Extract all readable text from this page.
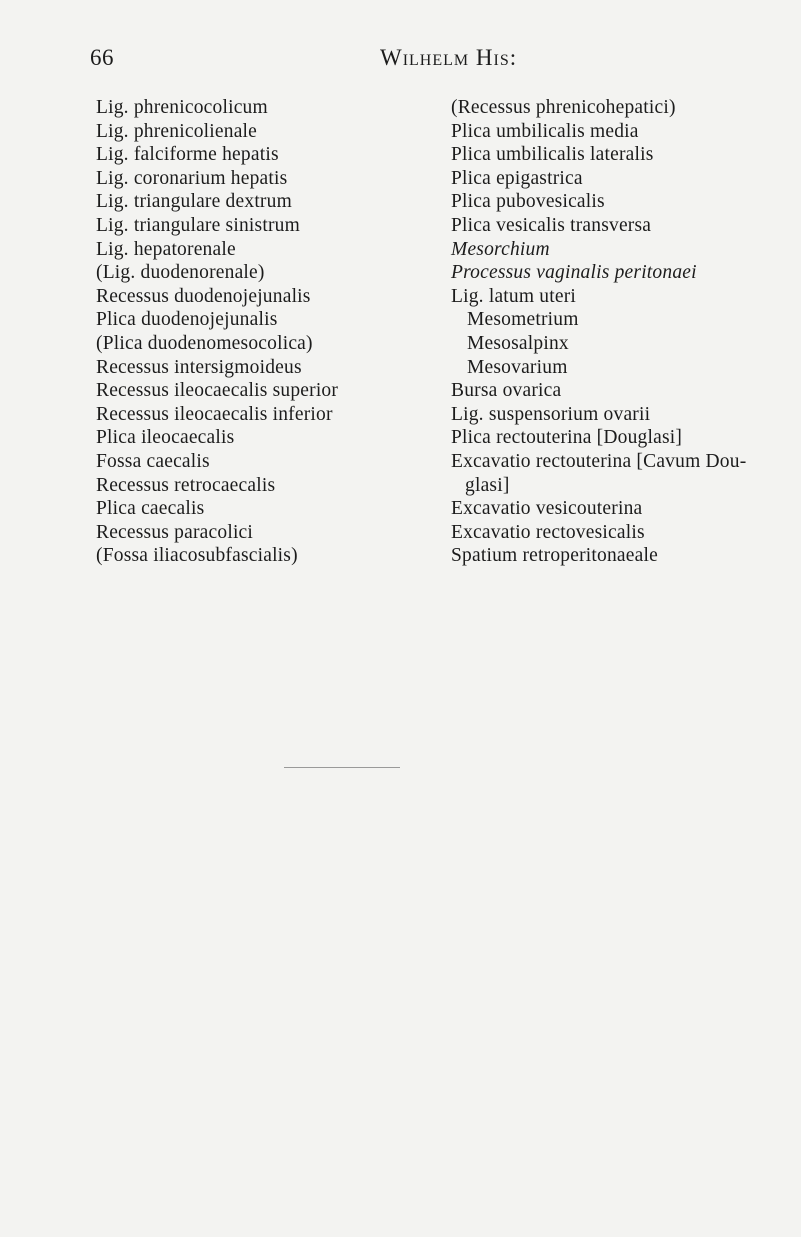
66	Wilhelm His:
Lig. phrenicocolicum
Lig. phrenicolienale
Lig. falciforme hepatis
Lig. coronarium hepatis
Lig. triangulare dextrum
Lig. triangulare sinistrum
Lig. hepatorenale
(Lig. duodenorenale)
Recessus duodenojejunalis
Plica duodenojejunalis
(Plica duodenomesocolica)
Recessus intersigmoideus
Recessus ileocaecalis superior
Recessus ileocaecalis inferior
Plica ileocaecalis
Fossa caecalis
Recessus retrocaecalis
Plica caecalis
Recessus paracolici
(Fossa iliacosubfascialis)
(Recessus phrenicohepatici)
Plica umbilicalis media
Plica umbilicalis lateralis
Plica epigastrica
Plica pubovesicalis
Plica vesicalis transversa
Mesorchium
Processus vaginalis peritonaei
Lig. latum uteri
Mesometrium
Mesosalpinx
Mesovarium
Bursa ovarica
Lig. suspensorium ovarii
Plica rectouterina [Douglasi]
Excavatio rectouterina [Cavum Dou-
glasi]
Excavatio vesicouterina
Excavatio rectovesicalis
Spatium retroperitonaeale
